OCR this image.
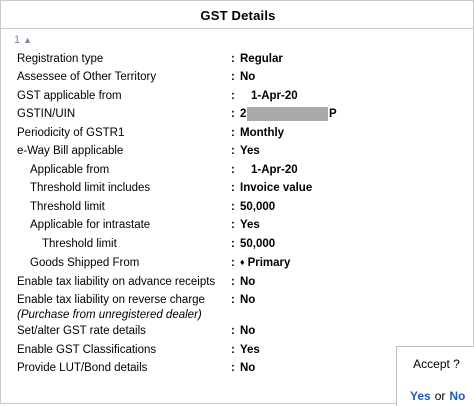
GST Details
1 ▲
Registration type	: Regular
Assessee of Other Territory	: No
GST applicable from	: 1-Apr-20
GSTIN/UIN	: 2	P
Periodicity of GSTR1	: Monthly
e-Way Bill applicable	: Yes
Applicable from	: 1-Apr-20
Threshold limit includes	: Invoice value
Threshold limit	: 50,000
Applicable for intrastate	: Yes
Threshold limit	: 50,000
Goods Shipped From	: ♦ Primary
Enable tax liability on advance receipts : No
Enable tax liability on reverse charge
(Purchase from unregistered dealer)
: No
Set/alter GST rate details	: No
Enable GST Classifications	: Yes
Provide LUT/Bond details	: No	Accept ?
Yes or No
